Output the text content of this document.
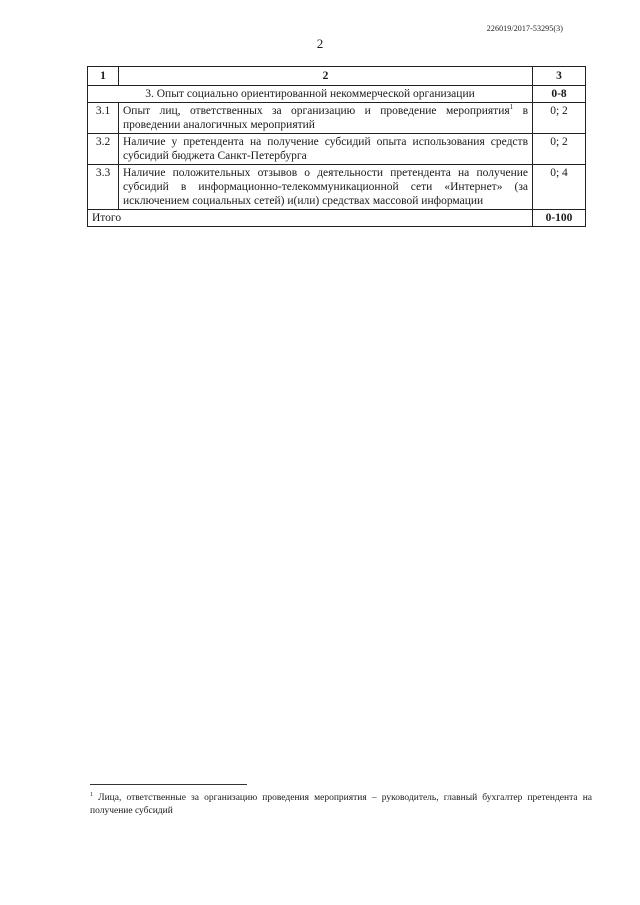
226019/2017-53295(3)
2
1	2	3
3. Опыт социально ориентированной некоммерческой организации		0-8
3.1	Опыт лиц, ответственных за организацию и проведение мероприятия$^1$ в проведении аналогичных мероприятий	0; 2
3.2	Наличие у претендента на получение субсидий опыта использования средств субсидий бюджета Санкт-Петербурга	0; 2
3.3	Наличие положительных отзывов о деятельности претендента на получение субсидий в информационно-телекоммуникационной сети «Интернет» (за исключением социальных сетей) и(или) средствах массовой информации	0; 4
Итого		0-100
$^1$ Лица, ответственные за организацию проведения мероприятия – руководитель, главный бухгалтер претендента на получение субсидий
